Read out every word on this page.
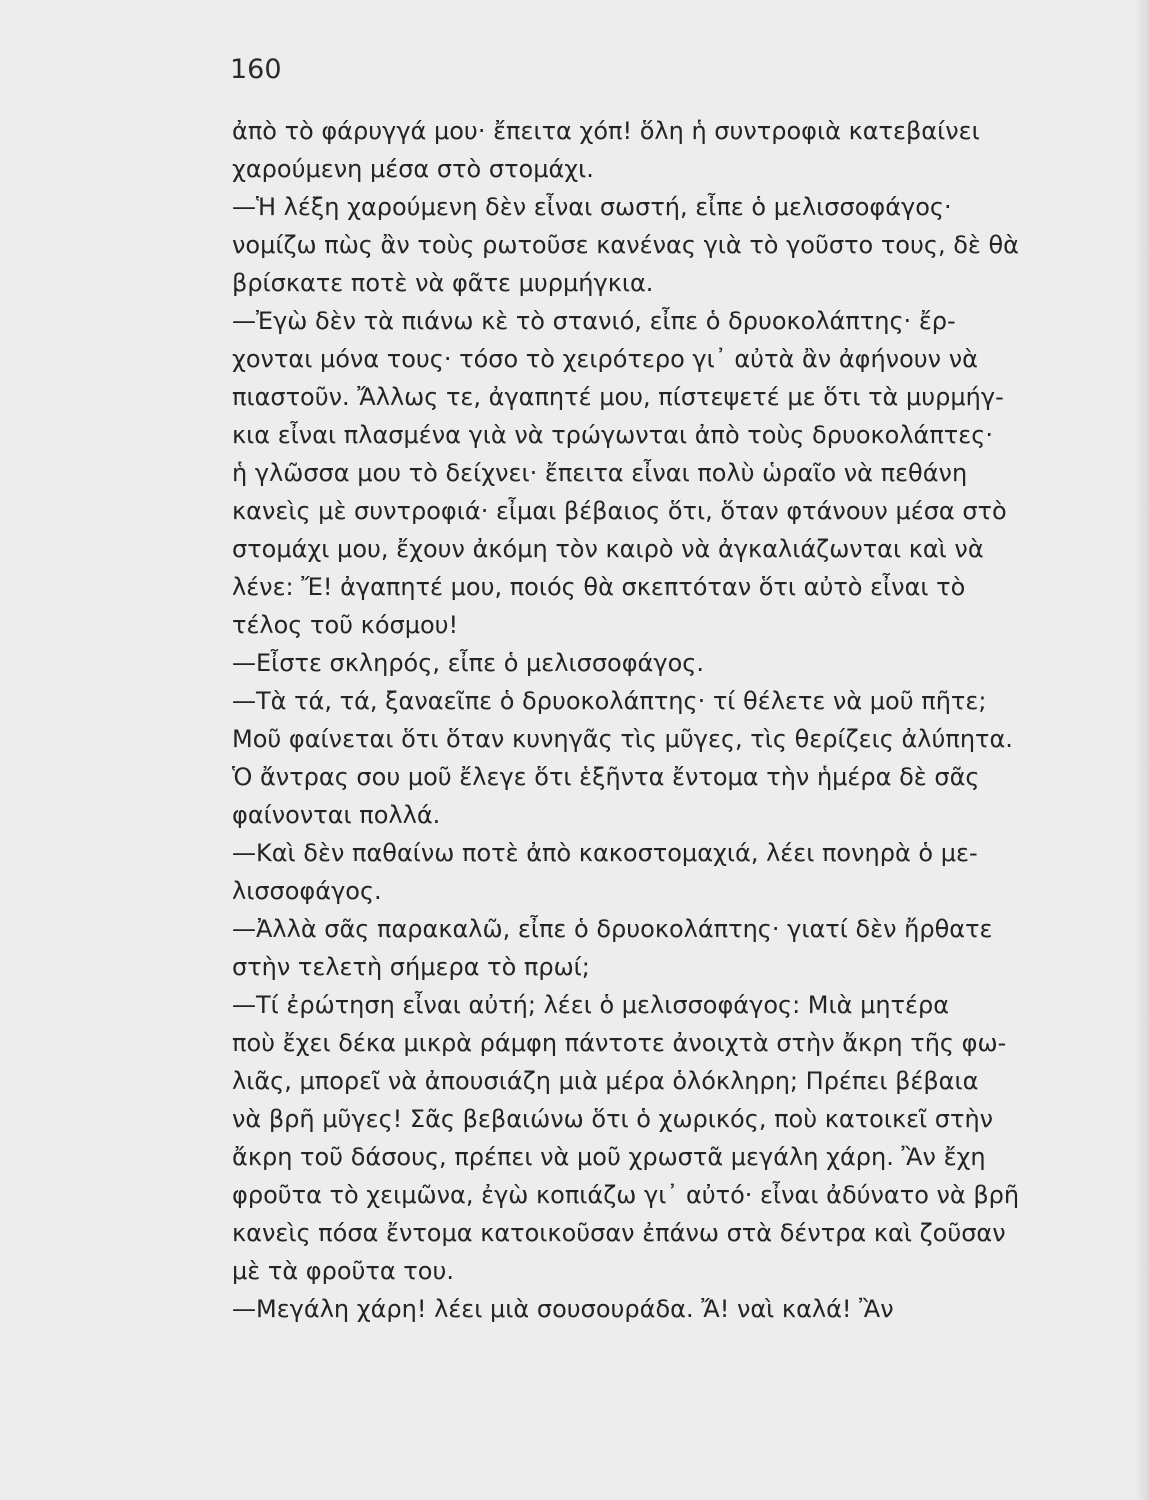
160
ἀπὸ τὸ φάρυγγά μου· ἔπειτα χόπ! ὅλη ἡ συντροφιὰ κατεβαίνει
χαρούμενη μέσα στὸ στομάχι.
—Ἡ λέξη χαρούμενη δὲν εἶναι σωστή, εἶπε ὁ μελισσοφάγος·
νομίζω πὼς ἂν τοὺς ρωτοῦσε κανένας γιὰ τὸ γοῦστο τους, δὲ θὰ
βρίσκατε ποτὲ νὰ φᾶτε μυρμήγκια.
—Ἐγὼ δὲν τὰ πιάνω κὲ τὸ στανιό, εἶπε ὁ δρυοκολάπτης· ἔρ-
χονται μόνα τους· τόσο τὸ χειρότερο γι᾿ αὐτὰ ἂν ἀφήνουν νὰ
πιαστοῦν. Ἄλλως τε, ἀγαπητέ μου, πίστεψετέ με ὅτι τὰ μυρμήγ-
κια εἶναι πλασμένα γιὰ νὰ τρώγωνται ἀπὸ τοὺς δρυοκολάπτες·
ἡ γλῶσσα μου τὸ δείχνει· ἔπειτα εἶναι πολὺ ὡραῖο νὰ πεθάνη
κανεὶς μὲ συντροφιά· εἶμαι βέβαιος ὅτι, ὅταν φτάνουν μέσα στὸ
στομάχι μου, ἔχουν ἀκόμη τὸν καιρὸ νὰ ἀγκαλιάζωνται καὶ νὰ
λένε: Ἔ! ἀγαπητέ μου, ποιός θὰ σκεπτόταν ὅτι αὐτὸ εἶναι τὸ
τέλος τοῦ κόσμου!
—Εἶστε σκληρός, εἶπε ὁ μελισσοφάγος.
—Τὰ τά, τά, ξαναεῖπε ὁ δρυοκολάπτης· τί θέλετε νὰ μοῦ πῆτε;
Μοῦ φαίνεται ὅτι ὅταν κυνηγᾶς τὶς μῦγες, τὶς θερίζεις ἀλύπητα.
Ὁ ἄντρας σου μοῦ ἔλεγε ὅτι ἑξῆντα ἔντομα τὴν ἡμέρα δὲ σᾶς
φαίνονται πολλά.
—Καὶ δὲν παθαίνω ποτὲ ἀπὸ κακοστομαχιά, λέει πονηρὰ ὁ με-
λισσοφάγος.
—Ἀλλὰ σᾶς παρακαλῶ, εἶπε ὁ δρυοκολάπτης· γιατί δὲν ἤρθατε
στὴν τελετὴ σήμερα τὸ πρωί;
—Τί ἐρώτηση εἶναι αὐτή; λέει ὁ μελισσοφάγος: Μιὰ μητέρα
ποὺ ἔχει δέκα μικρὰ ράμφη πάντοτε ἀνοιχτὰ στὴν ἄκρη τῆς φω-
λιᾶς, μπορεῖ νὰ ἀπουσιάζη μιὰ μέρα ὁλόκληρη; Πρέπει βέβαια
νὰ βρῆ μῦγες! Σᾶς βεβαιώνω ὅτι ὁ χωρικός, ποὺ κατοικεῖ στὴν
ἄκρη τοῦ δάσους, πρέπει νὰ μοῦ χρωστᾶ μεγάλη χάρη. Ἂν ἔχη
φροῦτα τὸ χειμῶνα, ἐγὼ κοπιάζω γι᾿ αὐτό· εἶναι ἀδύνατο νὰ βρῆ
κανεὶς πόσα ἔντομα κατοικοῦσαν ἐπάνω στὰ δέντρα καὶ ζοῦσαν
μὲ τὰ φροῦτα του.
—Μεγάλη χάρη! λέει μιὰ σουσουράδα. Ἄ! ναὶ καλά! Ἂν
